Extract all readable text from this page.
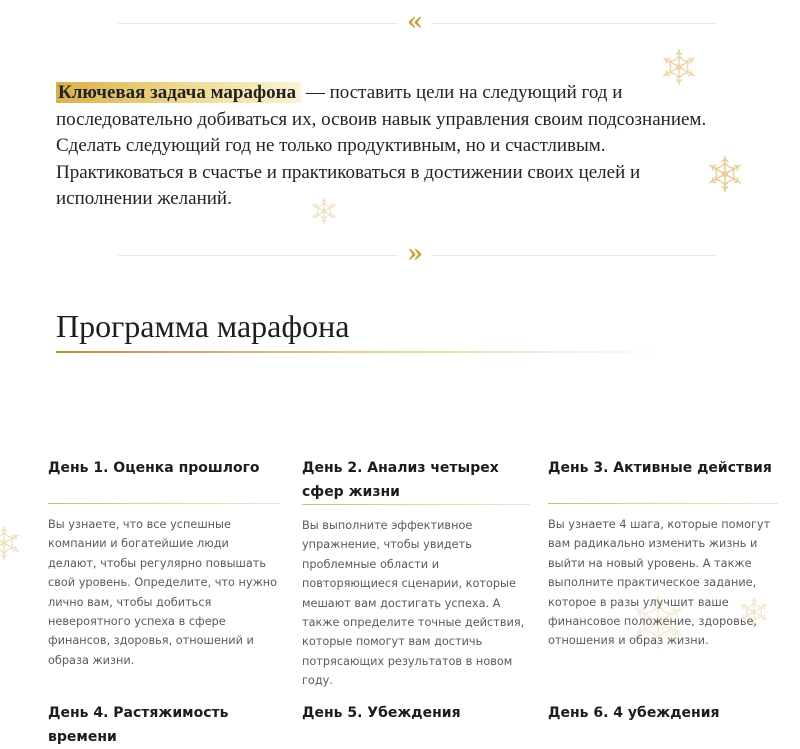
«

Ключевая задача марафона — поставить цели на следующий год и последовательно добиваться их, освоив навык управления своим подсознанием. Сделать следующий год не только продуктивным, но и счастливым. Практиковаться в счастье и практиковаться в достижении своих целей и исполнении желаний.

»
Программа марафона
День 1. Оценка прошлого

Вы узнаете, что все успешные компании и богатейшие люди делают, чтобы регулярно повышать свой уровень. Определите, что нужно лично вам, чтобы добиться невероятного успеха в сфере финансов, здоровья, отношений и образа жизни.

День 2. Анализ четырех сфер жизни

Вы выполните эффективное упражнение, чтобы увидеть проблемные области и повторяющиеся сценарии, которые мешают вам достигать успеха. А также определите точные действия, которые помогут вам достичь потрясающих результатов в новом году.

День 3. Активные действия

Вы узнаете 4 шага, которые помогут вам радикально изменить жизнь и выйти на новый уровень. А также выполните практическое задание, которое в разы улучшит ваше финансовое положение, здоровье, отношения и образ жизни.

День 4. Растяжимость времени
День 5. Убеждения	День 6. 4 убеждения
